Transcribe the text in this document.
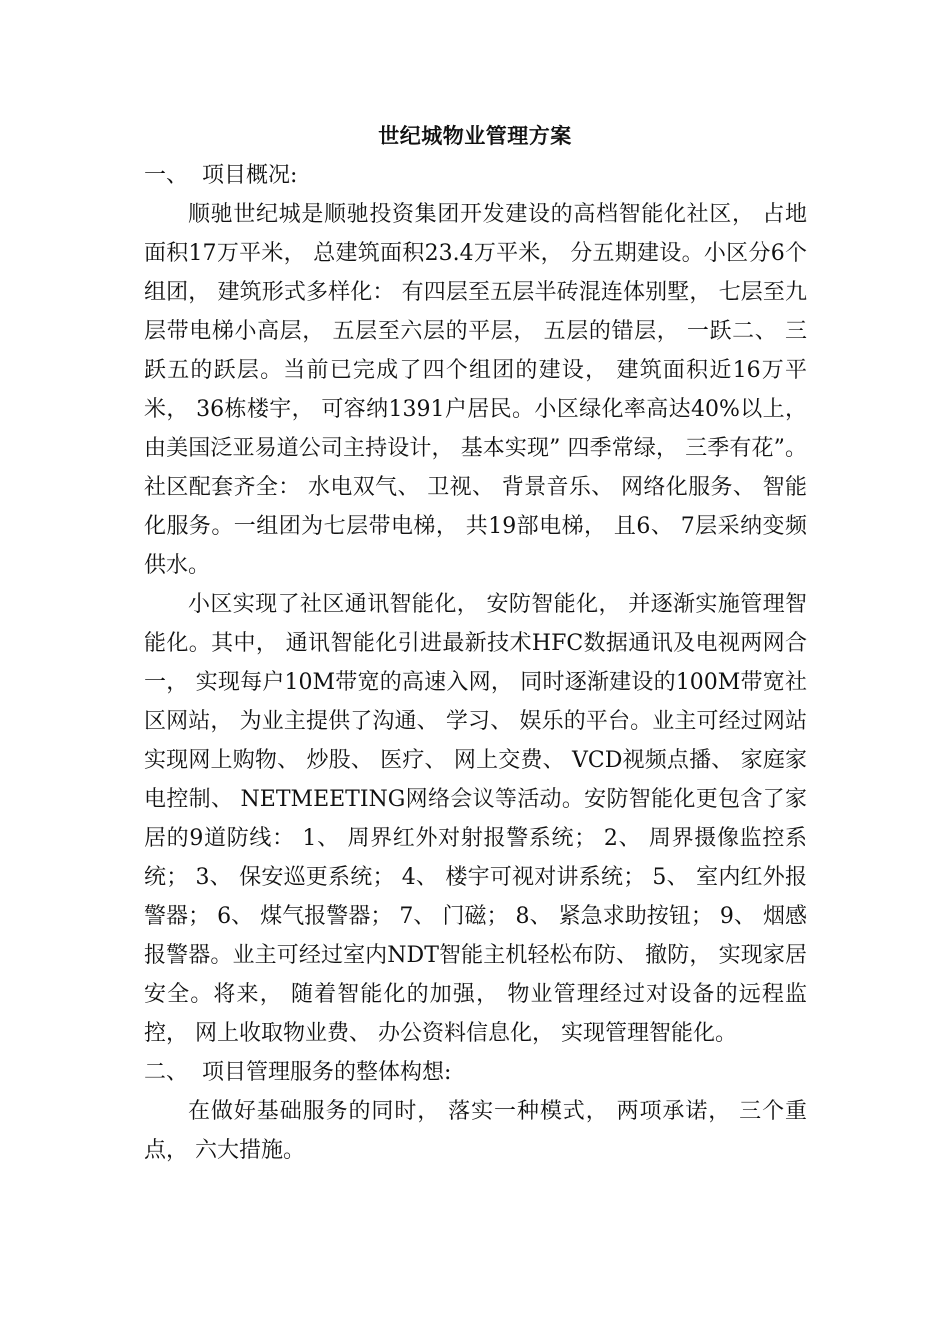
世纪城物业管理方案

一、  项目概况:

顺驰世纪城是顺驰投资集团开发建设的高档智能化社区， 占地面积17万平米， 总建筑面积23.4万平米， 分五期建设。小区分6个组团， 建筑形式多样化： 有四层至五层半砖混连体别墅， 七层至九层带电梯小高层， 五层至六层的平层， 五层的错层， 一跃二、 三跃五的跃层。当前已完成了四个组团的建设， 建筑面积近16万平米， 36栋楼宇， 可容纳1391户居民。小区绿化率高达40%以上， 由美国泛亚易道公司主持设计， 基本实现” 四季常绿， 三季有花”。社区配套齐全： 水电双气、 卫视、 背景音乐、 网络化服务、 智能化服务。一组团为七层带电梯， 共19部电梯， 且6、 7层采纳变频供水。

小区实现了社区通讯智能化， 安防智能化， 并逐渐实施管理智能化。其中， 通讯智能化引进最新技术HFC数据通讯及电视两网合一， 实现每户10M带宽的高速入网， 同时逐渐建设的100M带宽社区网站， 为业主提供了沟通、 学习、 娱乐的平台。业主可经过网站实现网上购物、 炒股、 医疗、 网上交费、 VCD视频点播、 家庭家电控制、 NETMEETING网络会议等活动。安防智能化更包含了家居的9道防线： 1、 周界红外对射报警系统； 2、 周界摄像监控系统； 3、 保安巡更系统； 4、 楼宇可视对讲系统； 5、 室内红外报警器； 6、 煤气报警器； 7、 门磁； 8、 紧急求助按钮； 9、 烟感报警器。业主可经过室内NDT智能主机轻松布防、 撤防， 实现家居安全。将来， 随着智能化的加强， 物业管理经过对设备的远程监控， 网上收取物业费、 办公资料信息化， 实现管理智能化。

二、  项目管理服务的整体构想:

在做好基础服务的同时， 落实一种模式， 两项承诺， 三个重点， 六大措施。
